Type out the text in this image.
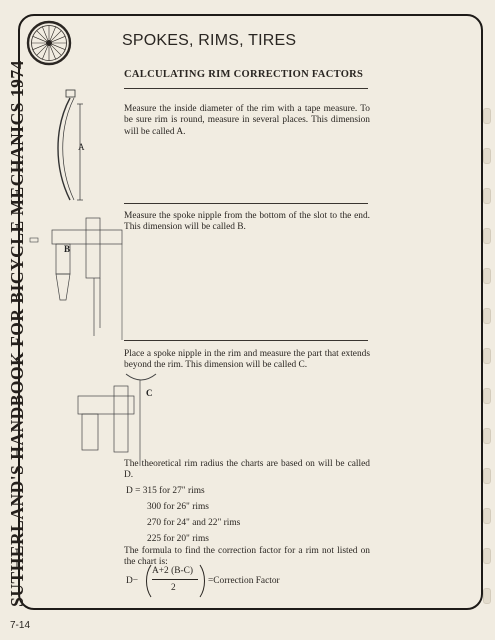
SUTHERLAND'S HANDBOOK FOR BICYCLE MECHANICS 1974
SPOKES, RIMS, TIRES
CALCULATING RIM CORRECTION FACTORS
A
Measure the inside diameter of the rim with a tape measure. To be sure rim is round, measure in several places. This dimension will be called A.
B
Measure the spoke nipple from the bottom of the slot to the end. This dimension will be called B.
C
Place a spoke nipple in the rim and measure the part that extends beyond the rim. This dimension will be called C.
The theoretical rim radius the charts are based on will be called D.
D = 315 for 27" rims
300 for 26" rims
270 for 24" and 22" rims
225 for 20" rims
The formula to find the correction factor for a rim not listed on the chart is:
D−
A+2 (B-C)
2
=Correction Factor
7-14
